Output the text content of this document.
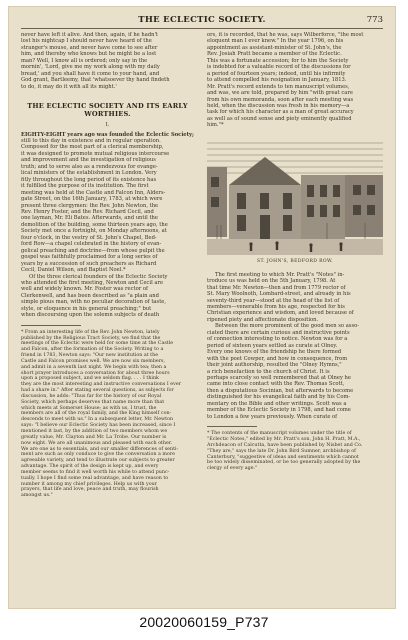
THE ECLECTIC SOCIETY.	773

never have left it alive. And then, again, if he hadn't

lost his nightcap I should never have heard of the

stranger's mouse, and never have come to see after

him, and thereby who knows but he might be a lost

man? Well, I know all is ordered; only say in the

mornin', 'Lord, give me my work along with my daily

bread,' and you shall have it come to your hand, and

God grant, Bartleemy, that 'whatsoever thy hand findeth

to do, it may do it with all its might.'

THE ECLECTIC SOCIETY AND ITS EARLY WORTHIES.
I.

EIGHTY-EIGHT years ago was founded the Eclectic Society;

still to this day in existence and in regular operation.

Composed for the most part of a clerical membership,

it was designed to promote mutual religious intercourse

and improvement and the investigation of religious

truth; and to serve also as a rendezvous for evange-

lical ministers of the establishment in London. Very

fitly throughout the long period of its existence has

it fulfilled the purpose of its institution. The first

meeting was held at the Castle and Falcon Inn, Alders-

gate Street, on the 16th January, 1783, at which were

present three clergymen: the Rev. John Newton, the

Rev. Henry Foster, and the Rev. Richard Cecil, and

one layman, Mr. Eli Bates. Afterwards, and until the

demolition of the building, some thirteen years ago, the

Society met once a fortnight, on Monday afternoons, at

four o'clock, in the vestry of St. John's Chapel, Bed-

ford Row—a chapel celebrated in the history of evan-

gelical preaching and doctrine—from whose pulpit the

gospel was faithfully proclaimed for a long series of

years by a succession of such preachers as Richard

Cecil, Daniel Wilson, and Baptist Noel.*

Of the three clerical founders of the Eclectic Society

who attended the first meeting, Newton and Cecil are

well and widely known. Mr. Foster was rector of

Clerkenwell, and has been described as "a plain and

simple pious man, with no peculiar decoration of taste,

style, or eloquence in his general preaching;" but

when discoursing upon the solemn subjects of death

* From an interesting life of the Rev. John Newton, lately

published by the Religious Tract Society, we find that the

meetings of the Eclectic were held for some time at the Castle

and Falcon, after the formation of the Society. Writing to a

friend in 1783, Newton says: "Our new institution at the

Castle and Falcon promises well. We are now six members,

and admit in a seventh last night. We begin with tea; then a

short prayer introduces a conversation for about three hours

upon a proposed subject, and we seldom flag. . . . I think

they are the most interesting and instructive conversations I ever

had a share in." After stating several questions, as subjects for

discussion, he adds: "Thus far for the history of our Royal

Society, which perhaps deserves that name more than that

which meets at Somerset House; as with us, I trust, the

members are all of the royal family, and the King himself con-

descends to meet with us." In a subsequent letter, Mr. Newton

says: "I believe our Eclectic Society has been increased, since I

mentioned it last, by the addition of two members whom we

greatly value, Mr. Clayton and Mr. La Trobe. Our number is

now eight. We are all unanimous and pleased with each other.

We are one as to essentials, and our smaller differences of senti-

ment are such as only conduce to give the conversation a more

agreeable variety, and tend to illustrate our subjects to greater

advantage. The spirit of the design is kept up, and every

member seems to find it well worth his while to attend punc-

tually. I hope I find some real advantage, and have reason to

number it among my chief privileges. Help us with your

prayers, that life and love, peace and truth, may flourish

amongst us."

ors, it is recorded, that he was, says Wilberforce, "the most

eloquent man I ever knew." In the year 1796, on his

appointment as assistant-minister of St. John's, the

Rev. Josiah Pratt became a member of the Eclectic.

This was a fortunate accession; for to him the Society

is indebted for a valuable record of the discussions for

a period of fourteen years; indeed, until his infirmity

to attend compelled his resignation in January, 1813.

Mr. Pratt's record extends to ten manuscript volumes,

and was, we are told, prepared by him "with great care

from his own memoranda, soon after each meeting was

held, when the discussion was fresh in his memory—a

task for which his character as a man of great accuracy

as well as of sound sense and piety eminently qualified

him."*

ST. JOHN'S, BEDFORD ROW.

The first meeting to which Mr. Pratt's "Notes" in-

troduce us was held on the 5th January, 1798. At

that time Mr. Newton—then and from 1779 rector of

St. Mary Woolnoth, Lombard-street, and already in his

seventy-third year—stood at the head of the list of

members—venerable from his age, respected for his

Christian experience and wisdom, and loved because of

ripened piety and affectionate disposition.

Between the more prominent of the good men so asso-

ciated there are certain curious and instructive points

of connection interesting to notice. Newton was for a

period of sixteen years settled as curate at Olney.

Every one knows of the friendship he there formed

with the poet Cowper, and how in consequence, from

their joint authorship, resulted the "Olney Hymns,"

a rich benefaction to the church of Christ. It is

perhaps scarcely so well remembered that at Olney he

came into close contact with the Rev. Thomas Scott,

then a disputatious Socinian, but afterwards to become

distinguished for his evangelical faith and by his Com-

mentary on the Bible and other writings. Scott was a

member of the Eclectic Society in 1798, and had come

to London a few years previously. When curate of

* The contents of the manuscript volumes under the title of

"Eclectic Notes," edited by Mr. Pratt's son, John H. Pratt, M.A.,

Archdeacon of Calcutta, have been published by Nisbet and Co.

"They are," says the late Dr. John Bird Sumner, archbishop of

Canterbury, "suggestive of ideas and sentiments which cannot

be too widely disseminated, or be too generally adopted by the

clergy of every age."

20020060159_P737
